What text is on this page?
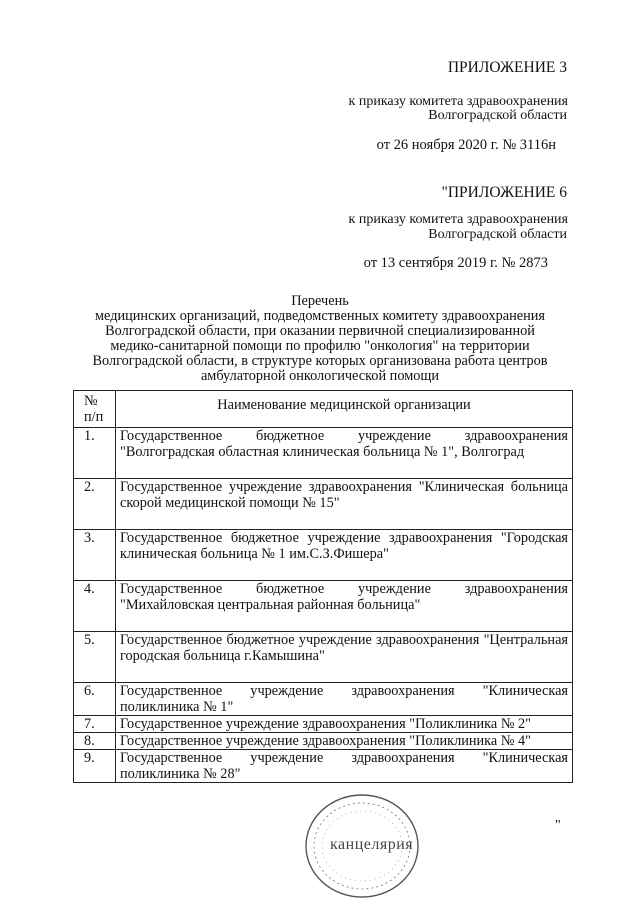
ПРИЛОЖЕНИЕ 3
к приказу комитета здравоохранения
Волгоградской области
от 26 ноября 2020 г. № 3116н
"ПРИЛОЖЕНИЕ 6
к приказу комитета здравоохранения
Волгоградской области
от 13 сентября 2019 г. № 2873
Перечень
медицинских организаций, подведомственных комитету здравоохранения
Волгоградской области, при оказании первичной специализированной
медико-санитарной помощи по профилю "онкология" на территории
Волгоградской области, в структуре которых организована работа центров
амбулаторной онкологической помощи
№ п/п	Наименование медицинской организации
1.	Государственное бюджетное учреждение здравоохранения "Волгоградская областная клиническая больница № 1", Волгоград
2.	Государственное учреждение здравоохранения "Клиническая больница скорой медицинской помощи № 15"
3.	Государственное бюджетное учреждение здравоохранения "Городская клиническая больница № 1 им.С.З.Фишера"
4.	Государственное бюджетное учреждение здравоохранения "Михайловская центральная районная больница"
5.	Государственное бюджетное учреждение здравоохранения "Центральная городская больница г.Камышина"
6.	Государственное учреждение здравоохранения "Клиническая поликлиника № 1"
7.	Государственное учреждение здравоохранения "Поликлиника № 2"
8.	Государственное учреждение здравоохранения "Поликлиника № 4"
9.	Государственное учреждение здравоохранения "Клиническая поликлиника № 28"
"
канцелярия
